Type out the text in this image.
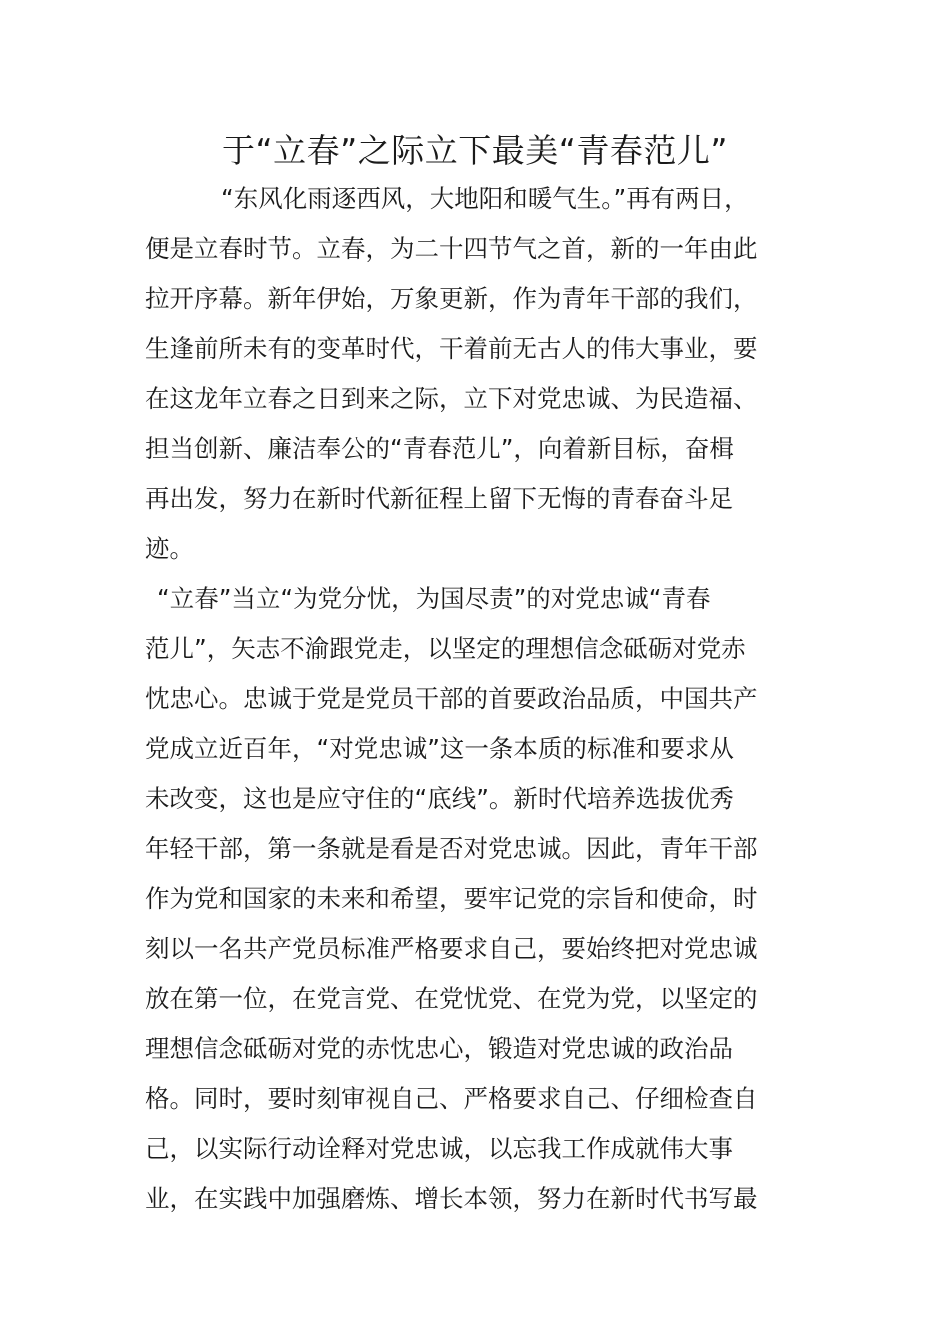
于“立春”之际立下最美“青春范儿”
“东风化雨逐西风，大地阳和暖气生。”再有两日，
便是立春时节。立春，为二十四节气之首，新的一年由此
拉开序幕。新年伊始，万象更新，作为青年干部的我们，
生逢前所未有的变革时代，干着前无古人的伟大事业，要
在这龙年立春之日到来之际，立下对党忠诚、为民造福、
担当创新、廉洁奉公的“青春范儿”，向着新目标，奋楫
再出发，努力在新时代新征程上留下无悔的青春奋斗足
迹。
“立春”当立“为党分忧，为国尽责”的对党忠诚“青春
范儿”，矢志不渝跟党走，以坚定的理想信念砥砺对党赤
忱忠心。忠诚于党是党员干部的首要政治品质，中国共产
党成立近百年，“对党忠诚”这一条本质的标准和要求从
未改变，这也是应守住的“底线”。新时代培养选拔优秀
年轻干部，第一条就是看是否对党忠诚。因此，青年干部
作为党和国家的未来和希望，要牢记党的宗旨和使命，时
刻以一名共产党员标准严格要求自己，要始终把对党忠诚
放在第一位，在党言党、在党忧党、在党为党，以坚定的
理想信念砥砺对党的赤忱忠心，锻造对党忠诚的政治品
格。同时，要时刻审视自己、严格要求自己、仔细检查自
己，以实际行动诠释对党忠诚，以忘我工作成就伟大事
业，在实践中加强磨炼、增长本领，努力在新时代书写最
